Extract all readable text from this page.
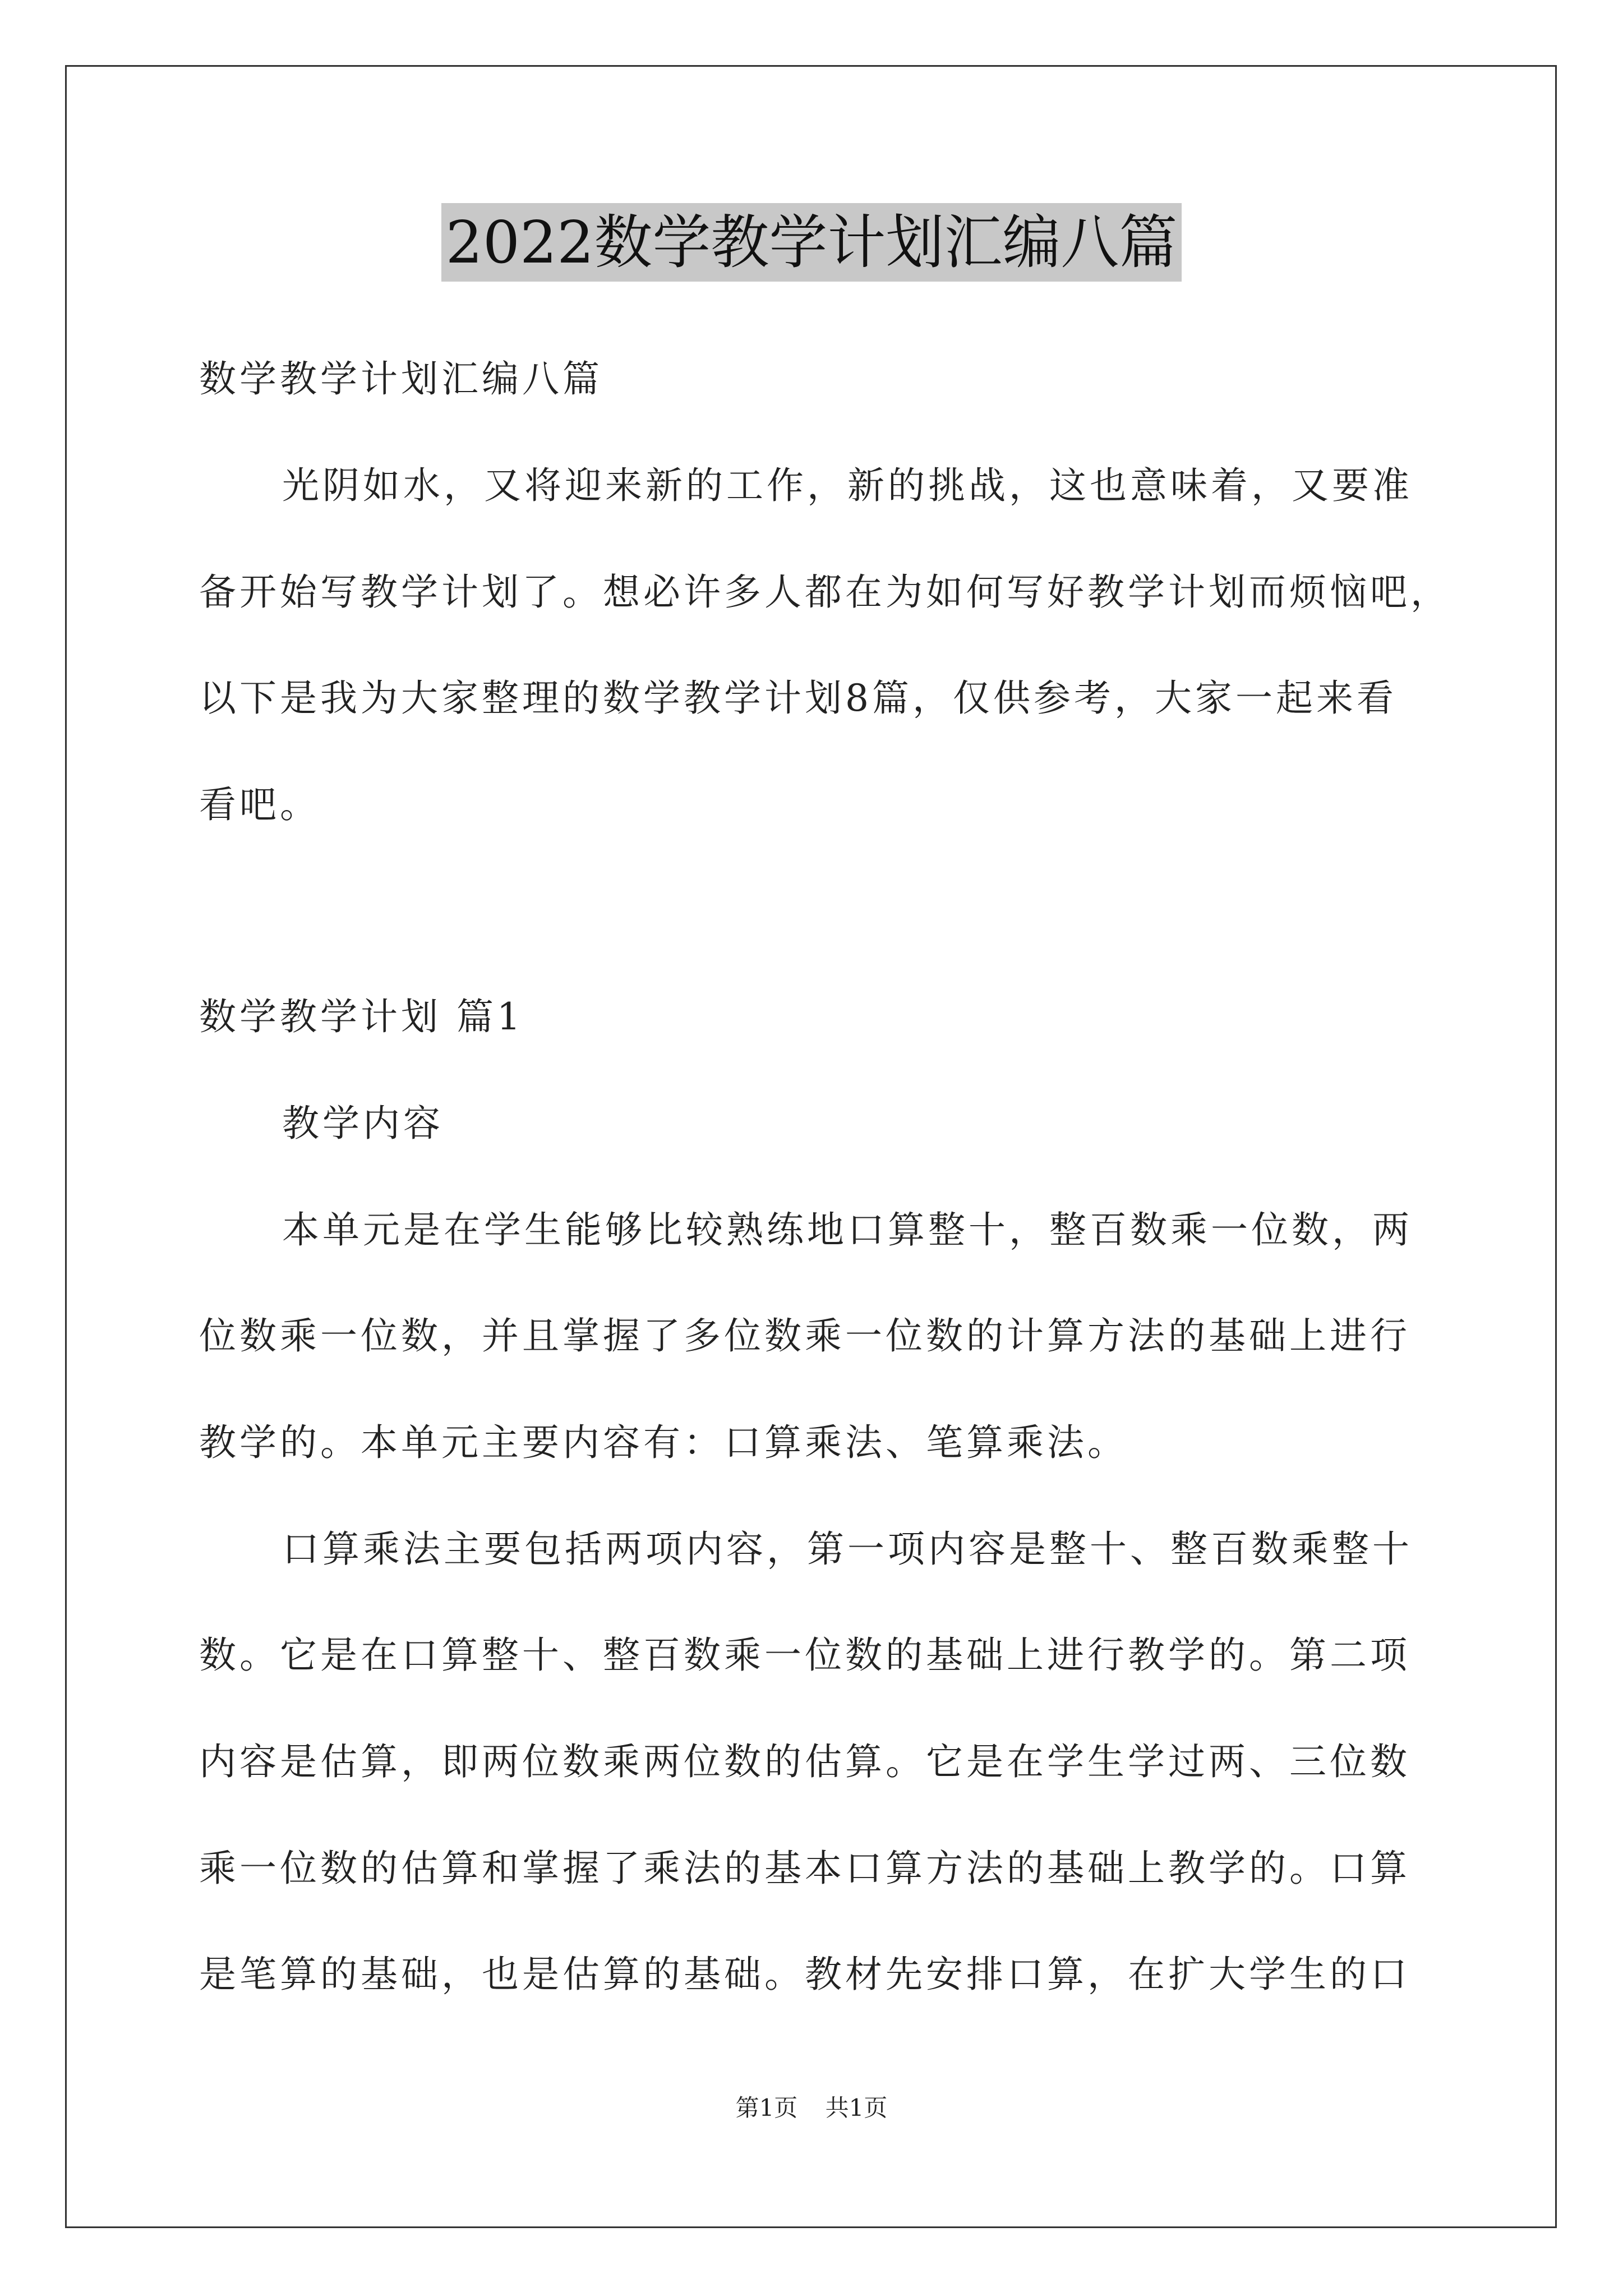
2022数学教学计划汇编八篇
数学教学计划汇编八篇
光阴如水，又将迎来新的工作，新的挑战，这也意味着，又要准
备开始写教学计划了。想必许多人都在为如何写好教学计划而烦恼吧，
以下是我为大家整理的数学教学计划8篇，仅供参考，大家一起来看
看吧。
数学教学计划 篇1
教学内容
本单元是在学生能够比较熟练地口算整十，整百数乘一位数，两
位数乘一位数，并且掌握了多位数乘一位数的计算方法的基础上进行
教学的。本单元主要内容有：口算乘法、笔算乘法。
口算乘法主要包括两项内容，第一项内容是整十、整百数乘整十
数。它是在口算整十、整百数乘一位数的基础上进行教学的。第二项
内容是估算，即两位数乘两位数的估算。它是在学生学过两、三位数
乘一位数的估算和掌握了乘法的基本口算方法的基础上教学的。口算
是笔算的基础，也是估算的基础。教材先安排口算，在扩大学生的口
第1页 共1页
